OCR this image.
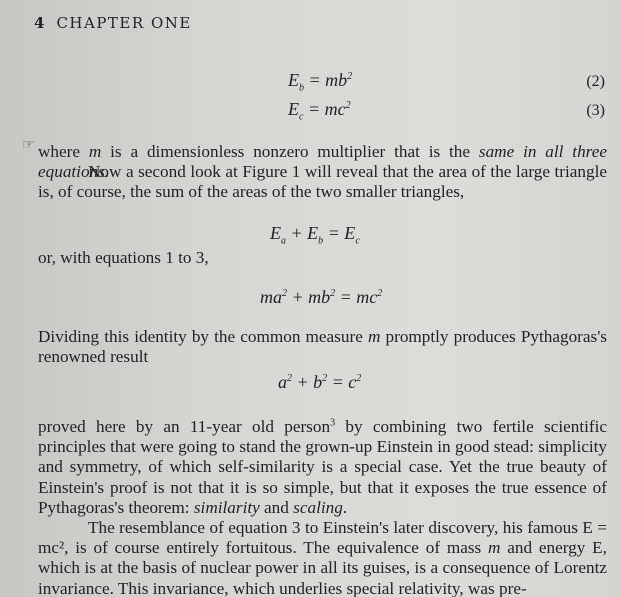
4 CHAPTER ONE
$E_b = mb^2$	(2)
$E_c = mc^2$	(3)
☞ where m is a dimensionless nonzero multiplier that is the same in all three equations.
Now a second look at Figure 1 will reveal that the area of the large triangle is, of course, the sum of the areas of the two smaller triangles,
$E_a + E_b = E_c$
or, with equations 1 to 3,
$ma^2 + mb^2 = mc^2$
Dividing this identity by the common measure m promptly produces Pythagoras's renowned result
$a^2 + b^2 = c^2$
proved here by an 11-year old person$^3$ by combining two fertile scientific principles that were going to stand the grown-up Einstein in good stead: simplicity and symmetry, of which self-similarity is a special case. Yet the true beauty of Einstein's proof is not that it is so simple, but that it exposes the true essence of Pythagoras's theorem: similarity and scaling.
The resemblance of equation 3 to Einstein's later discovery, his famous E = mc², is of course entirely fortuitous. The equivalence of mass m and energy E, which is at the basis of nuclear power in all its guises, is a consequence of Lorentz invariance. This invariance, which underlies special relativity, was pre-
